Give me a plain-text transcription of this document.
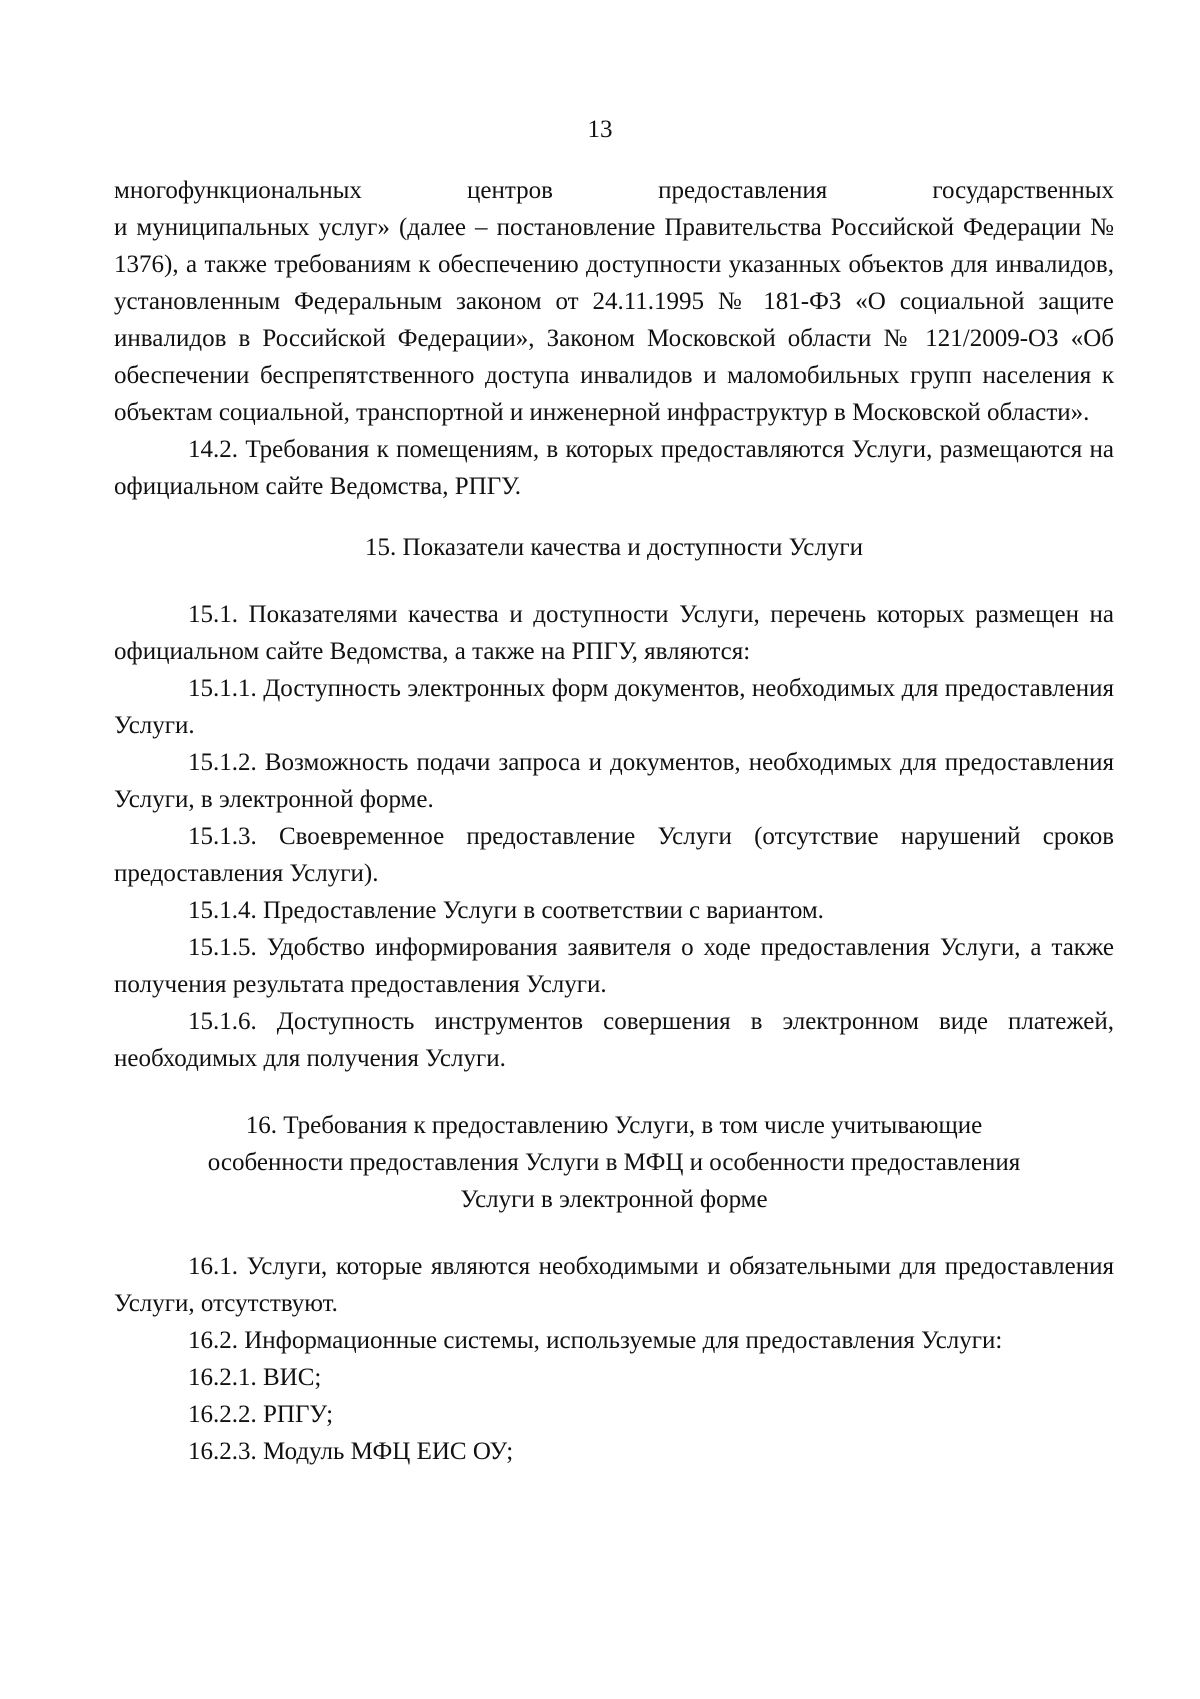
13

многофункциональных центров предоставления государственных
и муниципальных услуг» (далее – постановление Правительства Российской Федерации № 1376), а также требованиям к обеспечению доступности указанных объектов для инвалидов, установленным Федеральным законом от 24.11.1995 № 181-ФЗ «О социальной защите инвалидов в Российской Федерации», Законом Московской области № 121/2009-ОЗ «Об обеспечении беспрепятственного доступа инвалидов и маломобильных групп населения к объектам социальной, транспортной и инженерной инфраструктур в Московской области».

14.2. Требования к помещениям, в которых предоставляются Услуги, размещаются на официальном сайте Ведомства, РПГУ.

15. Показатели качества и доступности Услуги

15.1. Показателями качества и доступности Услуги, перечень которых размещен на официальном сайте Ведомства, а также на РПГУ, являются:

15.1.1. Доступность электронных форм документов, необходимых для предоставления Услуги.

15.1.2. Возможность подачи запроса и документов, необходимых для предоставления Услуги, в электронной форме.

15.1.3. Своевременное предоставление Услуги (отсутствие нарушений сроков предоставления Услуги).

15.1.4. Предоставление Услуги в соответствии с вариантом.

15.1.5. Удобство информирования заявителя о ходе предоставления Услуги, а также получения результата предоставления Услуги.

15.1.6. Доступность инструментов совершения в электронном виде платежей, необходимых для получения Услуги.

16. Требования к предоставлению Услуги, в том числе учитывающие
особенности предоставления Услуги в МФЦ и особенности предоставления
Услуги в электронной форме

16.1. Услуги, которые являются необходимыми и обязательными для предоставления Услуги, отсутствуют.

16.2. Информационные системы, используемые для предоставления Услуги:

16.2.1. ВИС;

16.2.2. РПГУ;

16.2.3. Модуль МФЦ ЕИС ОУ;
